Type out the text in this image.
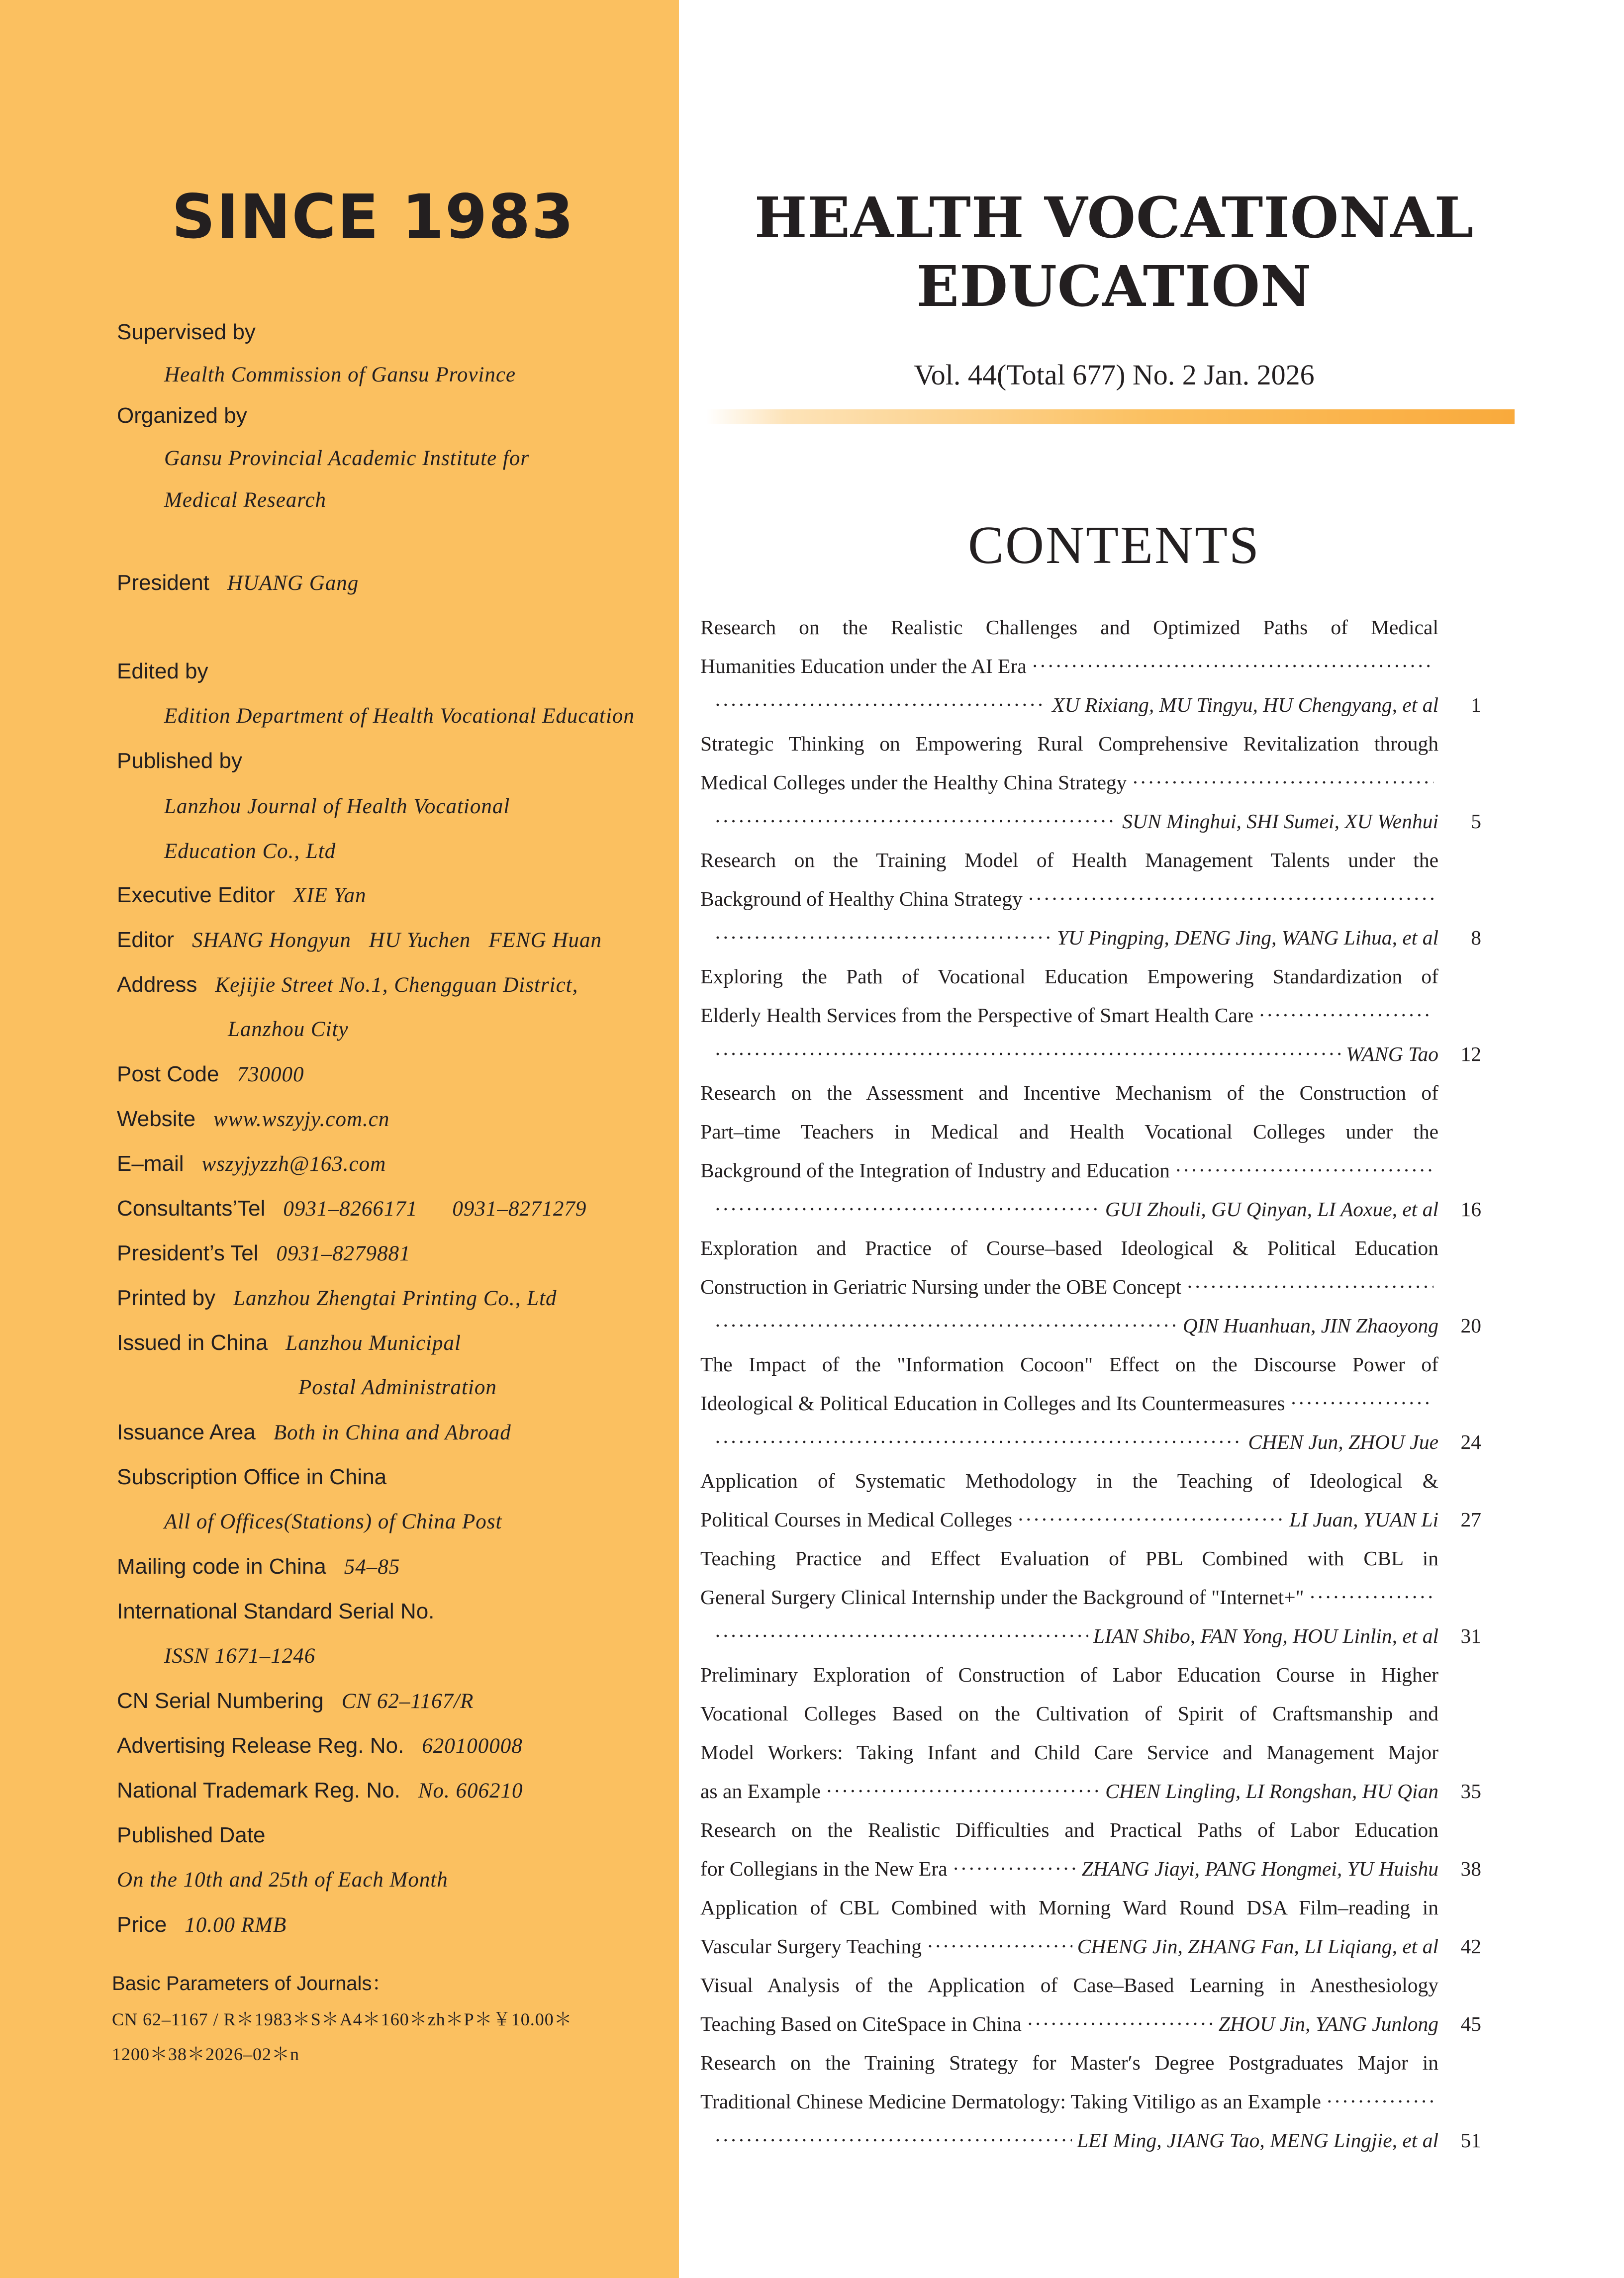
SINCE 1983
Supervised by
Health Commission of Gansu Province
Organized by
Gansu Provincial Academic Institute for
Medical Research
President HUANG Gang
Edited by
Edition Department of Health Vocational Education
Published by
Lanzhou Journal of Health Vocational
Education Co., Ltd
Executive Editor XIE Yan
Editor SHANG Hongyun HU Yuchen FENG Huan
Address Kejijie Street No.1, Chengguan District,
Lanzhou City
Post Code 730000
Website www.wszyjy.com.cn
E–mail wszyjyzzh@163.com
Consultants’Tel 0931–8266171 0931–8271279
President’s Tel 0931–8279881
Printed by Lanzhou Zhengtai Printing Co., Ltd
Issued in China Lanzhou Municipal
Postal Administration
Issuance Area Both in China and Abroad
Subscription Office in China
All of Offices(Stations) of China Post
Mailing code in China 54–85
International Standard Serial No.
ISSN 1671–1246
CN Serial Numbering CN 62–1167/R
Advertising Release Reg. No. 620100008
National Trademark Reg. No. No. 606210
Published Date
On the 10th and 25th of Each Month
Price 10.00 RMB
Basic Parameters of Journals：
CN 62–1167 / R＊1983＊S＊A4＊160＊zh＊P＊￥10.00＊
1200＊38＊2026–02＊n
HEALTH VOCATIONAL
EDUCATION
Vol. 44(Total 677) No. 2 Jan. 2026
CONTENTS
Research on the Realistic Challenges and Optimized Paths of Medical
Humanities Education under the AI Era
·····
·····
XU Rixiang, MU Tingyu, HU Chengyang, et al	1
Strategic Thinking on Empowering Rural Comprehensive Revitalization through
Medical Colleges under the Healthy China Strategy
·····
·····
SUN Minghui, SHI Sumei, XU Wenhui	5
Research on the Training Model of Health Management Talents under the
Background of Healthy China Strategy
·····
·····
YU Pingping, DENG Jing, WANG Lihua, et al	8
Exploring the Path of Vocational Education Empowering Standardization of
Elderly Health Services from the Perspective of Smart Health Care
·····
·····
WANG Tao	12
Research on the Assessment and Incentive Mechanism of the Construction of
Part–time Teachers in Medical and Health Vocational Colleges under the
Background of the Integration of Industry and Education
·····
·····
GUI Zhouli, GU Qinyan, LI Aoxue, et al	16
Exploration and Practice of Course–based Ideological & Political Education
Construction in Geriatric Nursing under the OBE Concept
·····
·····
QIN Huanhuan, JIN Zhaoyong	20
The Impact of the "Information Cocoon" Effect on the Discourse Power of
Ideological & Political Education in Colleges and Its Countermeasures
·····
·····
CHEN Jun, ZHOU Jue	24
Application of Systematic Methodology in the Teaching of Ideological &
Political Courses in Medical Colleges ·····	LI Juan, YUAN Li	27
Teaching Practice and Effect Evaluation of PBL Combined with CBL in
General Surgery Clinical Internship under the Background of "Internet+"
·····
·····
LIAN Shibo, FAN Yong, HOU Linlin, et al	31
Preliminary Exploration of Construction of Labor Education Course in Higher
Vocational Colleges Based on the Cultivation of Spirit of Craftsmanship and
Model Workers: Taking Infant and Child Care Service and Management Major
as an Example ·····	CHEN Lingling, LI Rongshan, HU Qian	35
Research on the Realistic Difficulties and Practical Paths of Labor Education
for Collegians in the New Era ·····	ZHANG Jiayi, PANG Hongmei, YU Huishu	38
Application of CBL Combined with Morning Ward Round DSA Film–reading in
Vascular Surgery Teaching ·····	CHENG Jin, ZHANG Fan, LI Liqiang, et al	42
Visual Analysis of the Application of Case–Based Learning in Anesthesiology
Teaching Based on CiteSpace in China ·····	ZHOU Jin, YANG Junlong	45
Research on the Training Strategy for Master′s Degree Postgraduates Major in
Traditional Chinese Medicine Dermatology: Taking Vitiligo as an Example
·····
·····
LEI Ming, JIANG Tao, MENG Lingjie, et al	51
